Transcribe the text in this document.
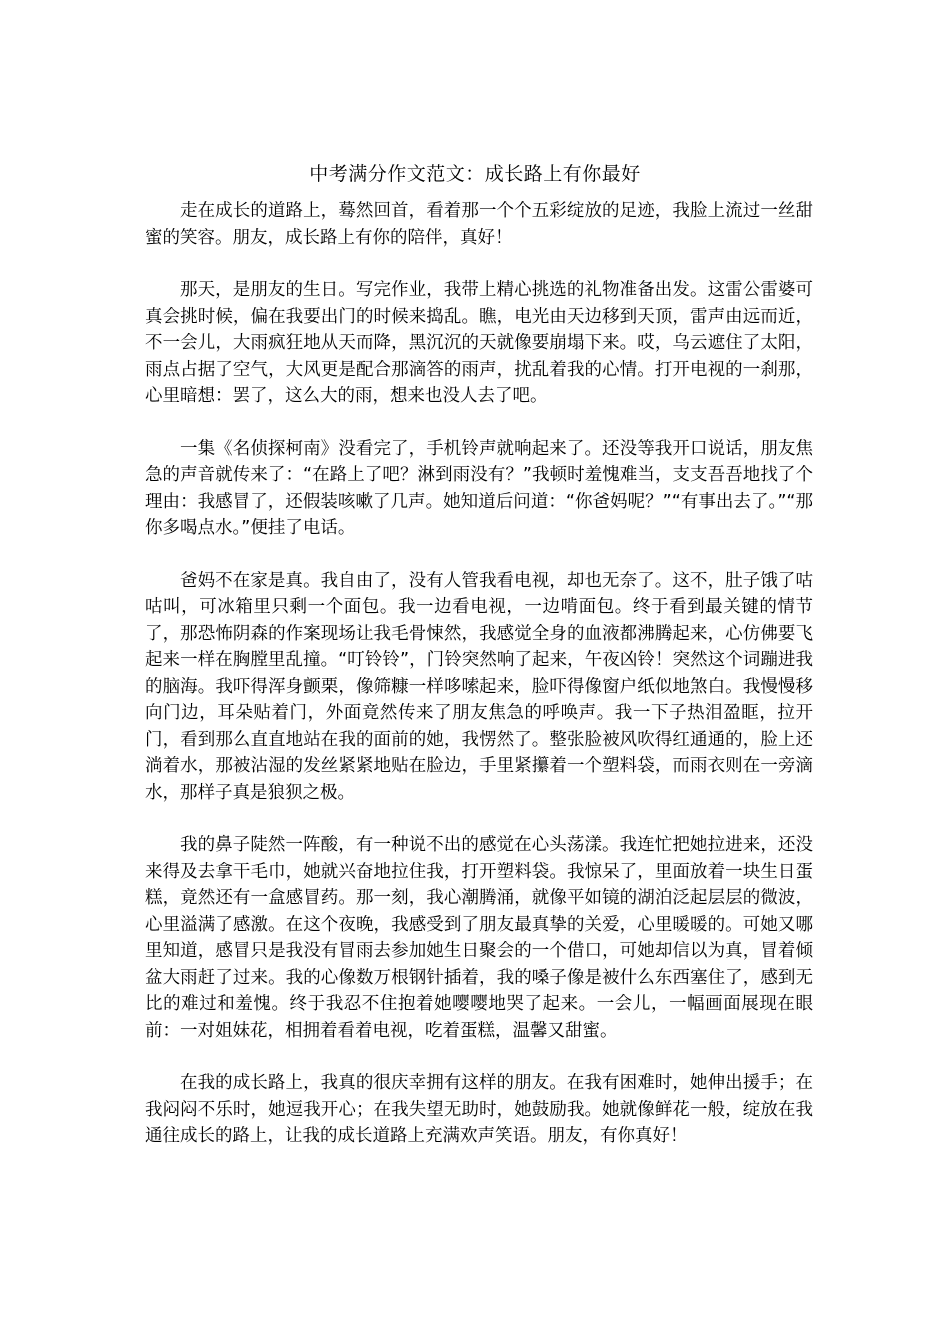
中考满分作文范文：成长路上有你最好

走在成长的道路上，蓦然回首，看着那一个个五彩绽放的足迹，我脸上流过一丝甜蜜的笑容。朋友，成长路上有你的陪伴，真好！

那天，是朋友的生日。写完作业，我带上精心挑选的礼物准备出发。这雷公雷婆可真会挑时候，偏在我要出门的时候来捣乱。瞧，电光由天边移到天顶，雷声由远而近，不一会儿，大雨疯狂地从天而降，黑沉沉的天就像要崩塌下来。哎，乌云遮住了太阳，雨点占据了空气，大风更是配合那滴答的雨声，扰乱着我的心情。打开电视的一刹那，心里暗想：罢了，这么大的雨，想来也没人去了吧。

一集《名侦探柯南》没看完了，手机铃声就响起来了。还没等我开口说话，朋友焦急的声音就传来了：“在路上了吧？淋到雨没有？”我顿时羞愧难当，支支吾吾地找了个理由：我感冒了，还假装咳嗽了几声。她知道后问道：“你爸妈呢？”“有事出去了。”“那你多喝点水。”便挂了电话。

爸妈不在家是真。我自由了，没有人管我看电视，却也无奈了。这不，肚子饿了咕咕叫，可冰箱里只剩一个面包。我一边看电视，一边啃面包。终于看到最关键的情节了，那恐怖阴森的作案现场让我毛骨悚然，我感觉全身的血液都沸腾起来，心仿佛要飞起来一样在胸膛里乱撞。“叮铃铃”，门铃突然响了起来，午夜凶铃！突然这个词蹦进我的脑海。我吓得浑身颤栗，像筛糠一样哆嗦起来，脸吓得像窗户纸似地煞白。我慢慢移向门边，耳朵贴着门，外面竟然传来了朋友焦急的呼唤声。我一下子热泪盈眶，拉开门，看到那么直直地站在我的面前的她，我愣然了。整张脸被风吹得红通通的，脸上还淌着水，那被沾湿的发丝紧紧地贴在脸边，手里紧攥着一个塑料袋，而雨衣则在一旁滴水，那样子真是狼狈之极。

我的鼻子陡然一阵酸，有一种说不出的感觉在心头荡漾。我连忙把她拉进来，还没来得及去拿干毛巾，她就兴奋地拉住我，打开塑料袋。我惊呆了，里面放着一块生日蛋糕，竟然还有一盒感冒药。那一刻，我心潮腾涌，就像平如镜的湖泊泛起层层的微波，心里溢满了感激。在这个夜晚，我感受到了朋友最真挚的关爱，心里暖暖的。可她又哪里知道，感冒只是我没有冒雨去参加她生日聚会的一个借口，可她却信以为真，冒着倾盆大雨赶了过来。我的心像数万根钢针插着，我的嗓子像是被什么东西塞住了，感到无比的难过和羞愧。终于我忍不住抱着她嘤嘤地哭了起来。一会儿，一幅画面展现在眼前：一对姐妹花，相拥着看着电视，吃着蛋糕，温馨又甜蜜。

在我的成长路上，我真的很庆幸拥有这样的朋友。在我有困难时，她伸出援手；在我闷闷不乐时，她逗我开心；在我失望无助时，她鼓励我。她就像鲜花一般，绽放在我通往成长的路上，让我的成长道路上充满欢声笑语。朋友，有你真好！
